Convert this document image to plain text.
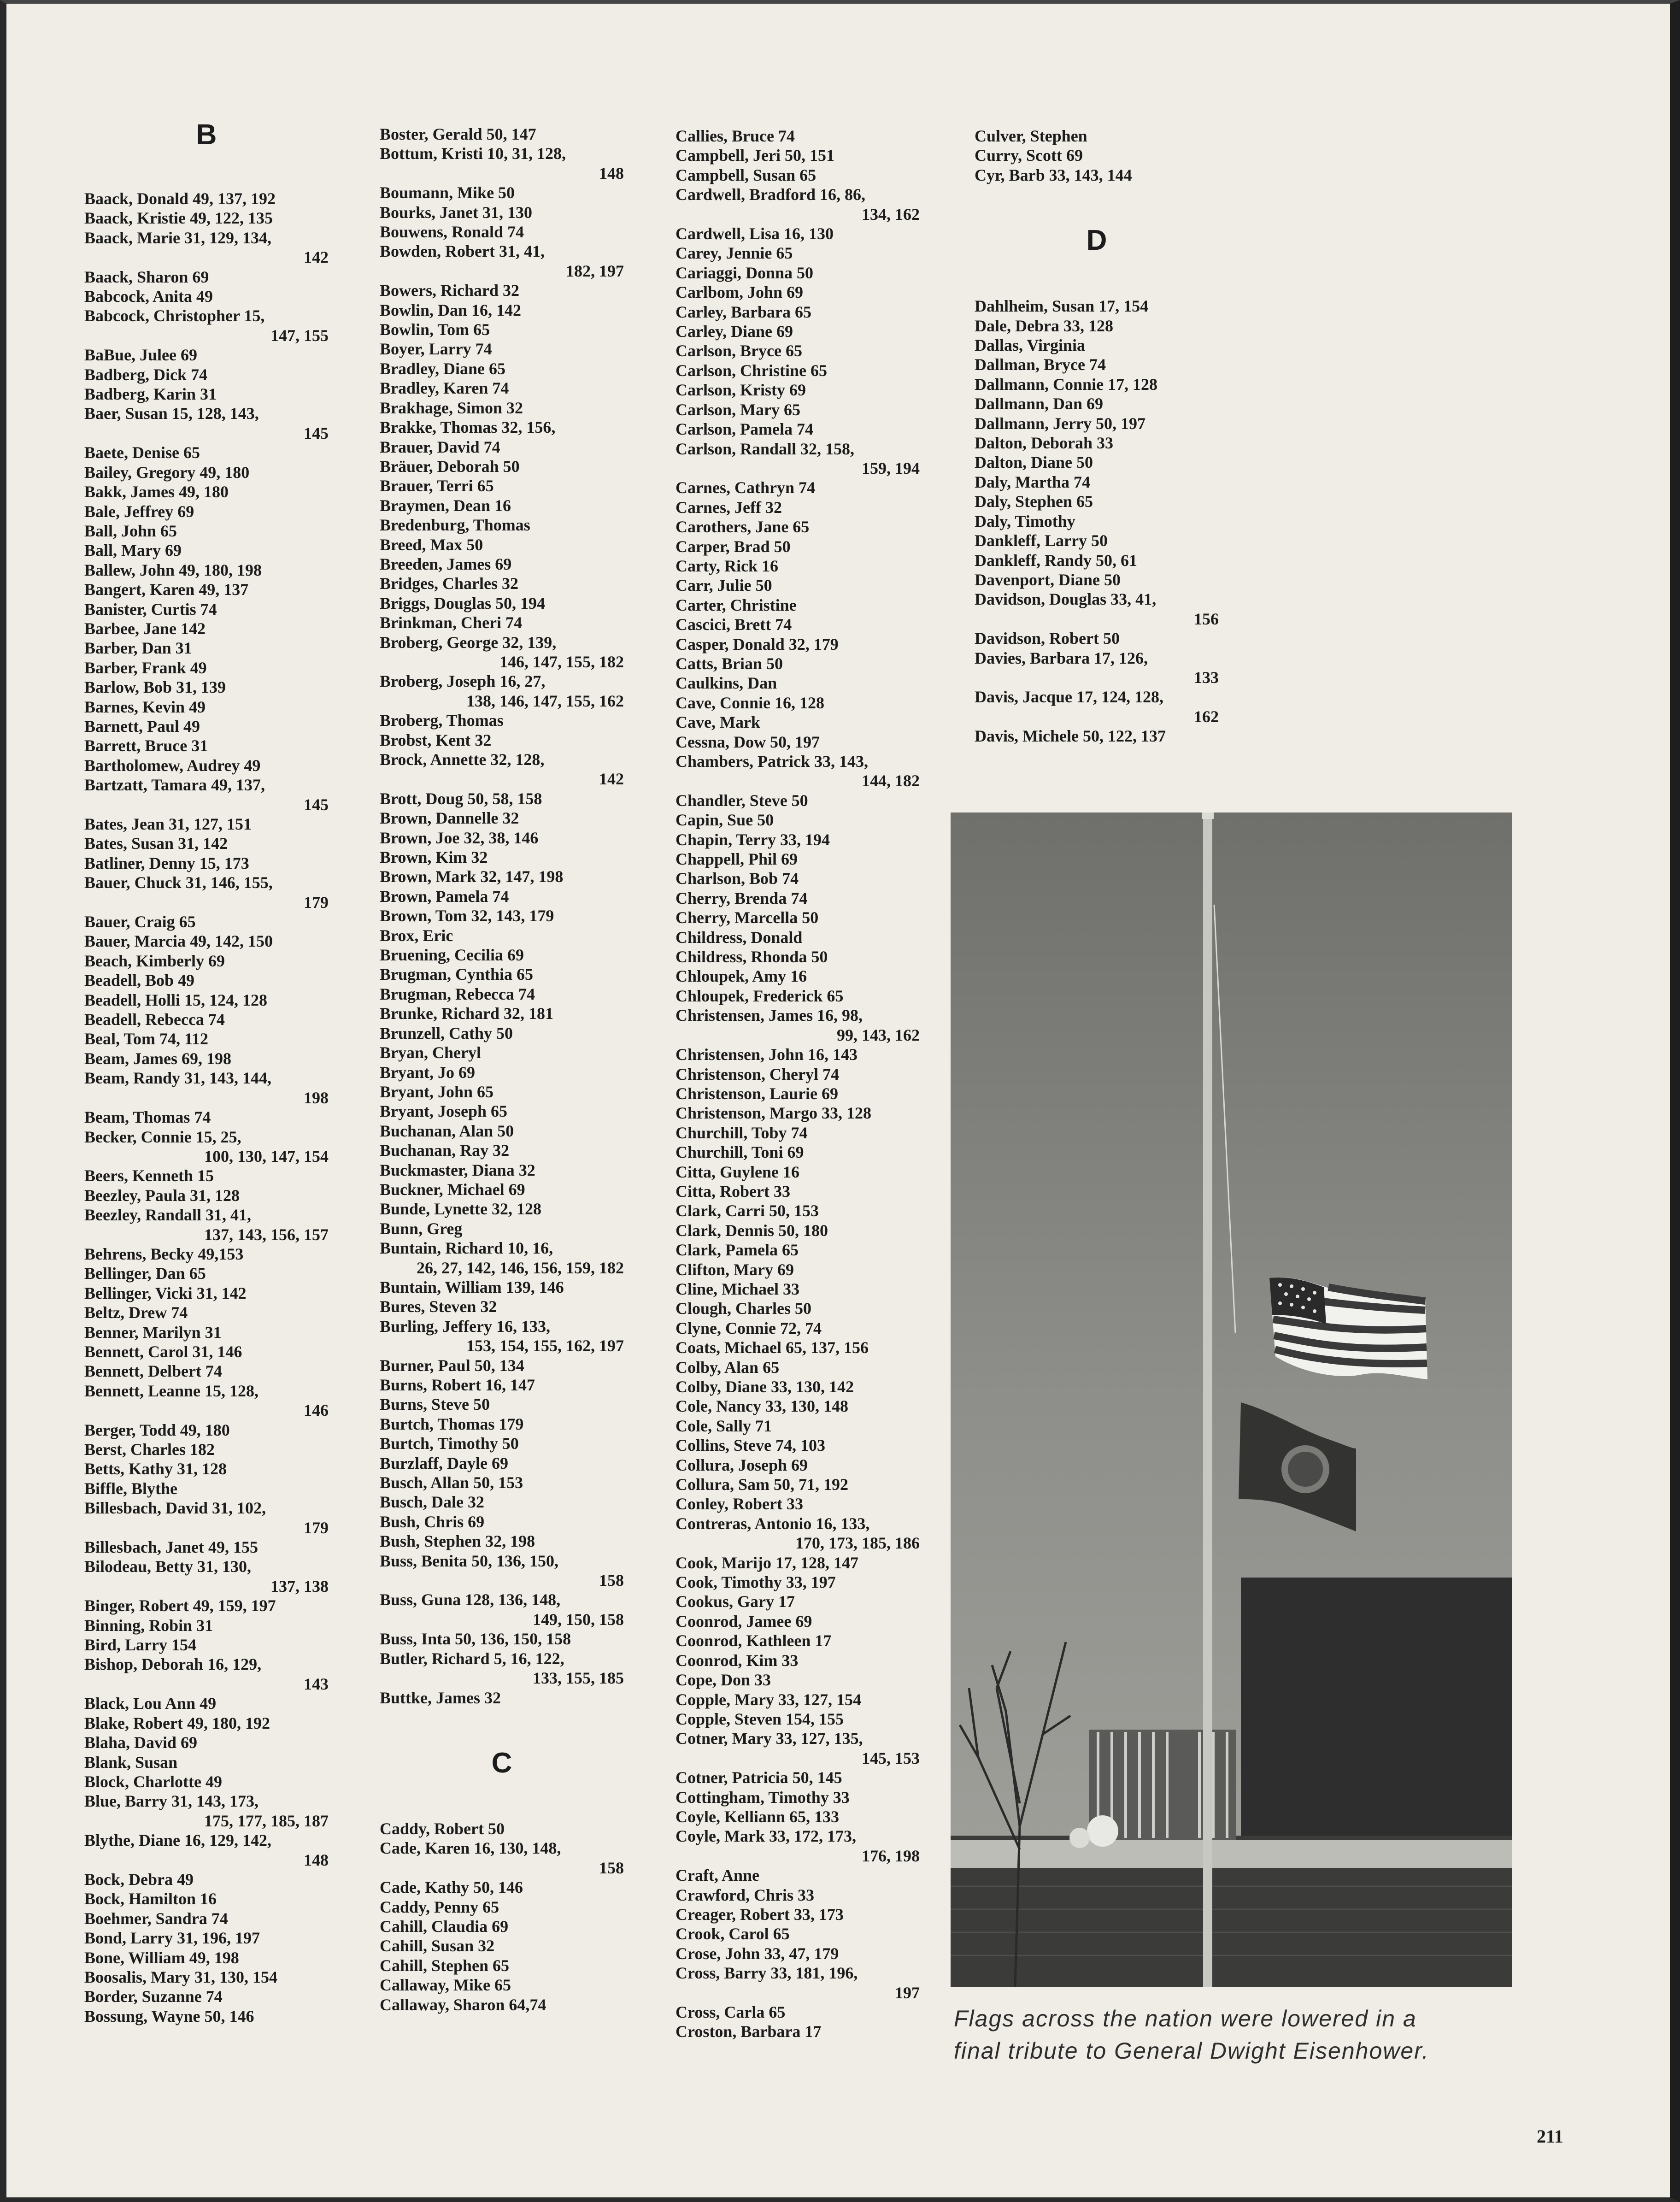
B
Baack, Donald 49, 137, 192
Baack, Kristie 49, 122, 135
Baack, Marie 31, 129, 134,
142
Baack, Sharon 69
Babcock, Anita 49
Babcock, Christopher 15,
147, 155
BaBue, Julee 69
Badberg, Dick 74
Badberg, Karin 31
Baer, Susan 15, 128, 143,
145
Baete, Denise 65
Bailey, Gregory 49, 180
Bakk, James 49, 180
Bale, Jeffrey 69
Ball, John 65
Ball, Mary 69
Ballew, John 49, 180, 198
Bangert, Karen 49, 137
Banister, Curtis 74
Barbee, Jane 142
Barber, Dan 31
Barber, Frank 49
Barlow, Bob 31, 139
Barnes, Kevin 49
Barnett, Paul 49
Barrett, Bruce 31
Bartholomew, Audrey 49
Bartzatt, Tamara 49, 137,
145
Bates, Jean 31, 127, 151
Bates, Susan 31, 142
Batliner, Denny 15, 173
Bauer, Chuck 31, 146, 155,
179
Bauer, Craig 65
Bauer, Marcia 49, 142, 150
Beach, Kimberly 69
Beadell, Bob 49
Beadell, Holli 15, 124, 128
Beadell, Rebecca 74
Beal, Tom 74, 112
Beam, James 69, 198
Beam, Randy 31, 143, 144,
198
Beam, Thomas 74
Becker, Connie 15, 25,
100, 130, 147, 154
Beers, Kenneth 15
Beezley, Paula 31, 128
Beezley, Randall 31, 41,
137, 143, 156, 157
Behrens, Becky 49,153
Bellinger, Dan 65
Bellinger, Vicki 31, 142
Beltz, Drew 74
Benner, Marilyn 31
Bennett, Carol 31, 146
Bennett, Delbert 74
Bennett, Leanne 15, 128,
146
Berger, Todd 49, 180
Berst, Charles 182
Betts, Kathy 31, 128
Biffle, Blythe
Billesbach, David 31, 102,
179
Billesbach, Janet 49, 155
Bilodeau, Betty 31, 130,
137, 138
Binger, Robert 49, 159, 197
Binning, Robin 31
Bird, Larry 154
Bishop, Deborah 16, 129,
143
Black, Lou Ann 49
Blake, Robert 49, 180, 192
Blaha, David 69
Blank, Susan
Block, Charlotte 49
Blue, Barry 31, 143, 173,
175, 177, 185, 187
Blythe, Diane 16, 129, 142,
148
Bock, Debra 49
Bock, Hamilton 16
Boehmer, Sandra 74
Bond, Larry 31, 196, 197
Bone, William 49, 198
Boosalis, Mary 31, 130, 154
Border, Suzanne 74
Bossung, Wayne 50, 146
Boster, Gerald 50, 147
Bottum, Kristi 10, 31, 128,
148
Boumann, Mike 50
Bourks, Janet 31, 130
Bouwens, Ronald 74
Bowden, Robert 31, 41,
182, 197
Bowers, Richard 32
Bowlin, Dan 16, 142
Bowlin, Tom 65
Boyer, Larry 74
Bradley, Diane 65
Bradley, Karen 74
Brakhage, Simon 32
Brakke, Thomas 32, 156,
Brauer, David 74
Bräuer, Deborah 50
Brauer, Terri 65
Braymen, Dean 16
Bredenburg, Thomas
Breed, Max 50
Breeden, James 69
Bridges, Charles 32
Briggs, Douglas 50, 194
Brinkman, Cheri 74
Broberg, George 32, 139,
146, 147, 155, 182
Broberg, Joseph 16, 27,
138, 146, 147, 155, 162
Broberg, Thomas
Brobst, Kent 32
Brock, Annette 32, 128,
142
Brott, Doug 50, 58, 158
Brown, Dannelle 32
Brown, Joe 32, 38, 146
Brown, Kim 32
Brown, Mark 32, 147, 198
Brown, Pamela 74
Brown, Tom 32, 143, 179
Brox, Eric
Bruening, Cecilia 69
Brugman, Cynthia 65
Brugman, Rebecca 74
Brunke, Richard 32, 181
Brunzell, Cathy 50
Bryan, Cheryl
Bryant, Jo 69
Bryant, John 65
Bryant, Joseph 65
Buchanan, Alan 50
Buchanan, Ray 32
Buckmaster, Diana 32
Buckner, Michael 69
Bunde, Lynette 32, 128
Bunn, Greg
Buntain, Richard 10, 16,
26, 27, 142, 146, 156, 159, 182
Buntain, William 139, 146
Bures, Steven 32
Burling, Jeffery 16, 133,
153, 154, 155, 162, 197
Burner, Paul 50, 134
Burns, Robert 16, 147
Burns, Steve 50
Burtch, Thomas 179
Burtch, Timothy 50
Burzlaff, Dayle 69
Busch, Allan 50, 153
Busch, Dale 32
Bush, Chris 69
Bush, Stephen 32, 198
Buss, Benita 50, 136, 150,
158
Buss, Guna 128, 136, 148,
149, 150, 158
Buss, Inta 50, 136, 150, 158
Butler, Richard 5, 16, 122,
133, 155, 185
Buttke, James 32
C
Caddy, Robert 50
Cade, Karen 16, 130, 148,
158
Cade, Kathy 50, 146
Caddy, Penny 65
Cahill, Claudia 69
Cahill, Susan 32
Cahill, Stephen 65
Callaway, Mike 65
Callaway, Sharon 64,74
Callies, Bruce 74
Campbell, Jeri 50, 151
Campbell, Susan 65
Cardwell, Bradford 16, 86,
134, 162
Cardwell, Lisa 16, 130
Carey, Jennie 65
Cariaggi, Donna 50
Carlbom, John 69
Carley, Barbara 65
Carley, Diane 69
Carlson, Bryce 65
Carlson, Christine 65
Carlson, Kristy 69
Carlson, Mary 65
Carlson, Pamela 74
Carlson, Randall 32, 158,
159, 194
Carnes, Cathryn 74
Carnes, Jeff 32
Carothers, Jane 65
Carper, Brad 50
Carty, Rick 16
Carr, Julie 50
Carter, Christine
Cascici, Brett 74
Casper, Donald 32, 179
Catts, Brian 50
Caulkins, Dan
Cave, Connie 16, 128
Cave, Mark
Cessna, Dow 50, 197
Chambers, Patrick 33, 143,
144, 182
Chandler, Steve 50
Capin, Sue 50
Chapin, Terry 33, 194
Chappell, Phil 69
Charlson, Bob 74
Cherry, Brenda 74
Cherry, Marcella 50
Childress, Donald
Childress, Rhonda 50
Chloupek, Amy 16
Chloupek, Frederick 65
Christensen, James 16, 98,
99, 143, 162
Christensen, John 16, 143
Christenson, Cheryl 74
Christenson, Laurie 69
Christenson, Margo 33, 128
Churchill, Toby 74
Churchill, Toni 69
Citta, Guylene 16
Citta, Robert 33
Clark, Carri 50, 153
Clark, Dennis 50, 180
Clark, Pamela 65
Clifton, Mary 69
Cline, Michael 33
Clough, Charles 50
Clyne, Connie 72, 74
Coats, Michael 65, 137, 156
Colby, Alan 65
Colby, Diane 33, 130, 142
Cole, Nancy 33, 130, 148
Cole, Sally 71
Collins, Steve 74, 103
Collura, Joseph 69
Collura, Sam 50, 71, 192
Conley, Robert 33
Contreras, Antonio 16, 133,
170, 173, 185, 186
Cook, Marijo 17, 128, 147
Cook, Timothy 33, 197
Cookus, Gary 17
Coonrod, Jamee 69
Coonrod, Kathleen 17
Coonrod, Kim 33
Cope, Don 33
Copple, Mary 33, 127, 154
Copple, Steven 154, 155
Cotner, Mary 33, 127, 135,
145, 153
Cotner, Patricia 50, 145
Cottingham, Timothy 33
Coyle, Kelliann 65, 133
Coyle, Mark 33, 172, 173,
176, 198
Craft, Anne
Crawford, Chris 33
Creager, Robert 33, 173
Crook, Carol 65
Crose, John 33, 47, 179
Cross, Barry 33, 181, 196,
197
Cross, Carla 65
Croston, Barbara 17
Culver, Stephen
Curry, Scott 69
Cyr, Barb 33, 143, 144
D
Dahlheim, Susan 17, 154
Dale, Debra 33, 128
Dallas, Virginia
Dallman, Bryce 74
Dallmann, Connie 17, 128
Dallmann, Dan 69
Dallmann, Jerry 50, 197
Dalton, Deborah 33
Dalton, Diane 50
Daly, Martha 74
Daly, Stephen 65
Daly, Timothy
Dankleff, Larry 50
Dankleff, Randy 50, 61
Davenport, Diane 50
Davidson, Douglas 33, 41,
156
Davidson, Robert 50
Davies, Barbara 17, 126,
133
Davis, Jacque 17, 124, 128,
162
Davis, Michele 50, 122, 137
Flags across the nation were lowered in a
final tribute to General Dwight Eisenhower.
211
